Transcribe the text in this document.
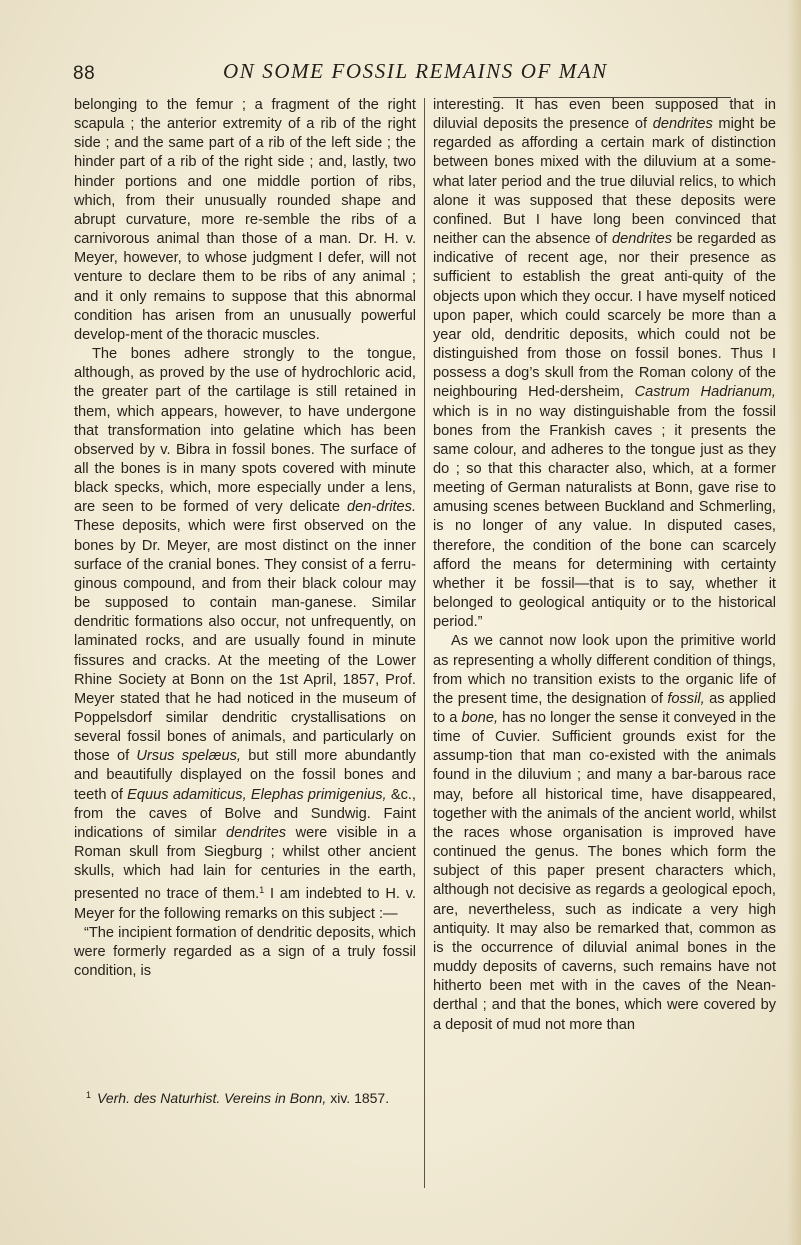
88	ON SOME FOSSIL REMAINS OF MAN

belonging to the femur ; a fragment of the right scapula ; the anterior extremity of a rib of the right side ; and the same part of a rib of the left side ; the hinder part of a rib of the right side ; and, lastly, two hinder portions and one middle portion of ribs, which, from their unusually rounded shape and abrupt curvature, more re-semble the ribs of a carnivorous animal than those of a man. Dr. H. v. Meyer, however, to whose judgment I defer, will not venture to declare them to be ribs of any animal ; and it only remains to suppose that this abnormal condition has arisen from an unusually powerful develop-ment of the thoracic muscles.

The bones adhere strongly to the tongue, although, as proved by the use of hydrochloric acid, the greater part of the cartilage is still retained in them, which appears, however, to have undergone that transformation into gelatine which has been observed by v. Bibra in fossil bones. The surface of all the bones is in many spots covered with minute black specks, which, more especially under a lens, are seen to be formed of very delicate den-drites. These deposits, which were first observed on the bones by Dr. Meyer, are most distinct on the inner surface of the cranial bones. They consist of a ferru-ginous compound, and from their black colour may be supposed to contain man-ganese. Similar dendritic formations also occur, not unfrequently, on laminated rocks, and are usually found in minute fissures and cracks. At the meeting of the Lower Rhine Society at Bonn on the 1st April, 1857, Prof. Meyer stated that he had noticed in the museum of Poppelsdorf similar dendritic crystallisations on several fossil bones of animals, and particularly on those of Ursus spelæus, but still more abundantly and beautifully displayed on the fossil bones and teeth of Equus adamiticus, Elephas primigenius, &c., from the caves of Bolve and Sundwig. Faint indications of similar dendrites were visible in a Roman skull from Siegburg ; whilst other ancient skulls, which had lain for centuries in the earth, presented no trace of them.$^1$ I am indebted to H. v. Meyer for the following remarks on this subject :—

“The incipient formation of dendritic deposits, which were formerly regarded as a sign of a truly fossil condition, is

$^1$ Verh. des Naturhist. Vereins in Bonn, xiv. 1857.

interesting. It has even been supposed that in diluvial deposits the presence of dendrites might be regarded as affording a certain mark of distinction between bones mixed with the diluvium at a some-what later period and the true diluvial relics, to which alone it was supposed that these deposits were confined. But I have long been convinced that neither can the absence of dendrites be regarded as indicative of recent age, nor their presence as sufficient to establish the great anti-quity of the objects upon which they occur. I have myself noticed upon paper, which could scarcely be more than a year old, dendritic deposits, which could not be distinguished from those on fossil bones. Thus I possess a dog’s skull from the Roman colony of the neighbouring Hed-dersheim, Castrum Hadrianum, which is in no way distinguishable from the fossil bones from the Frankish caves ; it presents the same colour, and adheres to the tongue just as they do ; so that this character also, which, at a former meeting of German naturalists at Bonn, gave rise to amusing scenes between Buckland and Schmerling, is no longer of any value. In disputed cases, therefore, the condition of the bone can scarcely afford the means for determining with certainty whether it be fossil—that is to say, whether it belonged to geological antiquity or to the historical period.”

As we cannot now look upon the primitive world as representing a wholly different condition of things, from which no transition exists to the organic life of the present time, the designation of fossil, as applied to a bone, has no longer the sense it conveyed in the time of Cuvier. Sufficient grounds exist for the assump-tion that man co-existed with the animals found in the diluvium ; and many a bar-barous race may, before all historical time, have disappeared, together with the animals of the ancient world, whilst the races whose organisation is improved have continued the genus. The bones which form the subject of this paper present characters which, although not decisive as regards a geological epoch, are, nevertheless, such as indicate a very high antiquity. It may also be remarked that, common as is the occurrence of diluvial animal bones in the muddy deposits of caverns, such remains have not hitherto been met with in the caves of the Nean-derthal ; and that the bones, which were covered by a deposit of mud not more than
